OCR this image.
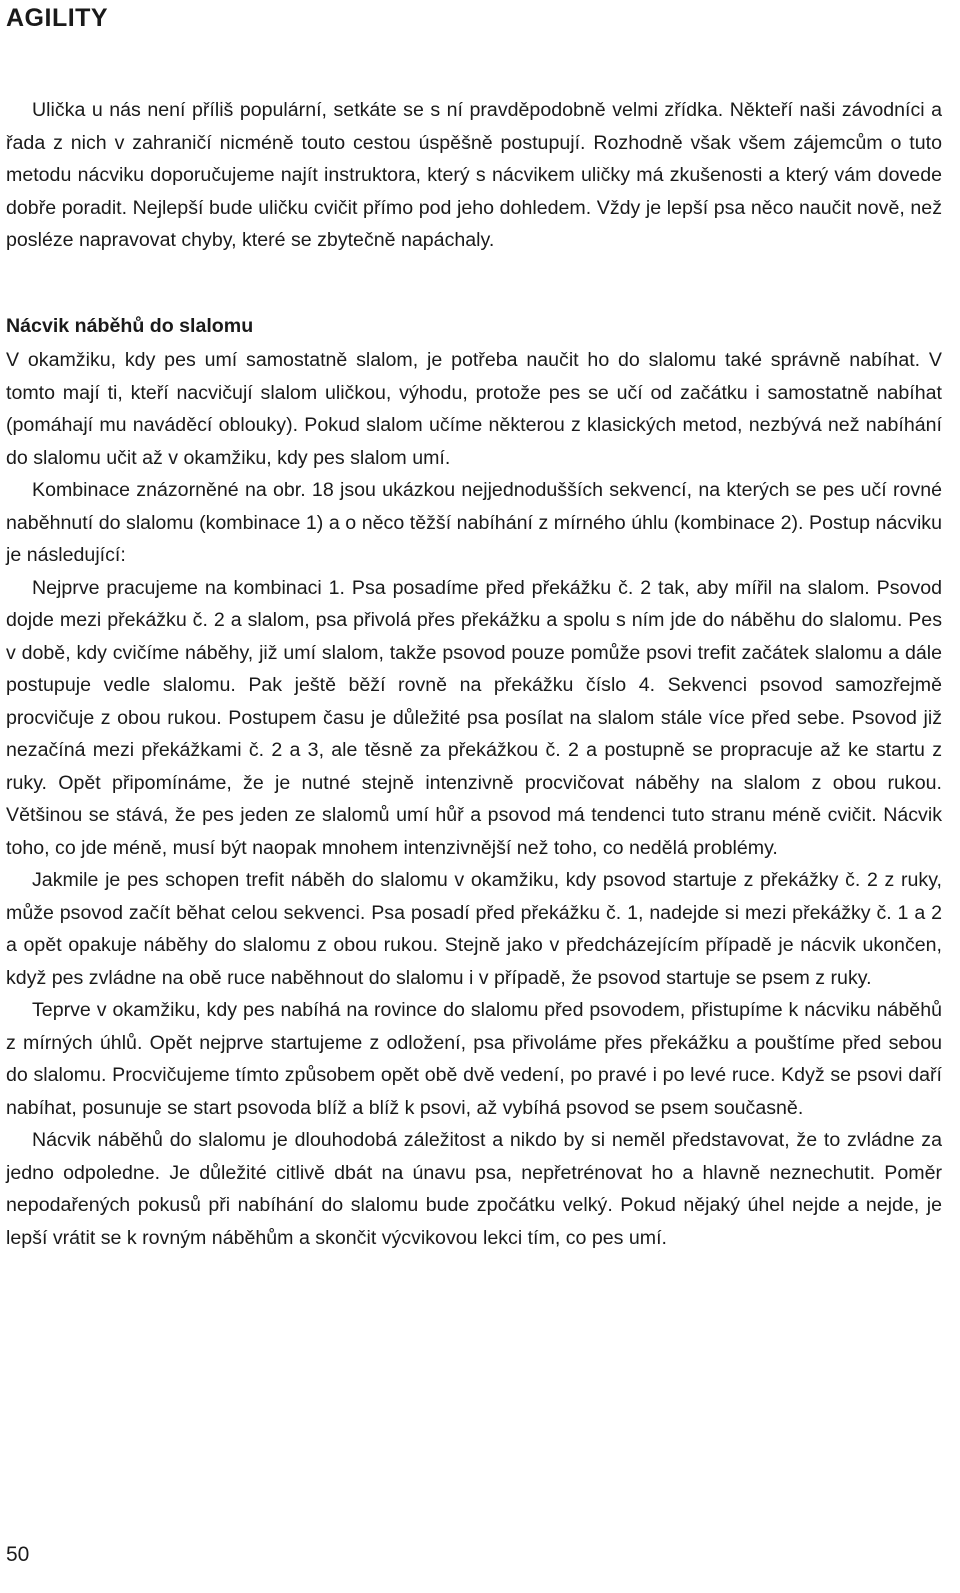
AGILITY

Ulička u nás není příliš populární, setkáte se s ní pravděpodobně velmi zřídka. Někteří naši závodníci a řada z nich v zahraničí nicméně touto cestou úspěšně postupují. Rozhodně však všem zájemcům o tuto metodu nácviku doporučujeme najít instruktora, který s nácvikem uličky má zkušenosti a který vám dovede dobře poradit. Nejlepší bude uličku cvičit přímo pod jeho dohledem. Vždy je lepší psa něco naučit nově, než posléze napravovat chyby, které se zbytečně napáchaly.

Nácvik náběhů do slalomu

V okamžiku, kdy pes umí samostatně slalom, je potřeba naučit ho do slalomu také správně nabíhat. V tomto mají ti, kteří nacvičují slalom uličkou, výhodu, protože pes se učí od začátku i samostatně nabíhat (pomáhají mu naváděcí oblouky). Pokud slalom učíme některou z klasických metod, nezbývá než nabíhání do slalomu učit až v okamžiku, kdy pes slalom umí.

Kombinace znázorněné na obr. 18 jsou ukázkou nejjednodušších sekvencí, na kterých se pes učí rovné naběhnutí do slalomu (kombinace 1) a o něco těžší nabíhání z mírného úhlu (kombinace 2). Postup nácviku je následující:

Nejprve pracujeme na kombinaci 1. Psa posadíme před překážku č. 2 tak, aby mířil na slalom. Psovod dojde mezi překážku č. 2 a slalom, psa přivolá přes překážku a spolu s ním jde do náběhu do slalomu. Pes v době, kdy cvičíme náběhy, již umí slalom, takže psovod pouze pomůže psovi trefit začátek slalomu a dále postupuje vedle slalomu. Pak ještě běží rovně na překážku číslo 4. Sekvenci psovod samozřejmě procvičuje z obou rukou. Postupem času je důležité psa posílat na slalom stále více před sebe. Psovod již nezačíná mezi překážkami č. 2 a 3, ale těsně za překážkou č. 2 a postupně se propracuje až ke startu z ruky. Opět připomínáme, že je nutné stejně intenzivně procvičovat náběhy na slalom z obou rukou. Většinou se stává, že pes jeden ze slalomů umí hůř a psovod má tendenci tuto stranu méně cvičit. Nácvik toho, co jde méně, musí být naopak mnohem intenzivnější než toho, co nedělá problémy.

Jakmile je pes schopen trefit náběh do slalomu v okamžiku, kdy psovod startuje z překážky č. 2 z ruky, může psovod začít běhat celou sekvenci. Psa posadí před překážku č. 1, nadejde si mezi překážky č. 1 a 2 a opět opakuje náběhy do slalomu z obou rukou. Stejně jako v předcházejícím případě je nácvik ukončen, když pes zvládne na obě ruce naběhnout do slalomu i v případě, že psovod startuje se psem z ruky.

Teprve v okamžiku, kdy pes nabíhá na rovince do slalomu před psovodem, přistupíme k nácviku náběhů z mírných úhlů. Opět nejprve startujeme z odložení, psa přivoláme přes překážku a pouštíme před sebou do slalomu. Procvičujeme tímto způsobem opět obě dvě vedení, po pravé i po levé ruce. Když se psovi daří nabíhat, posunuje se start psovoda blíž a blíž k psovi, až vybíhá psovod se psem současně.

Nácvik náběhů do slalomu je dlouhodobá záležitost a nikdo by si neměl představovat, že to zvládne za jedno odpoledne. Je důležité citlivě dbát na únavu psa, nepřetrénovat ho a hlavně neznechutit. Poměr nepodařených pokusů při nabíhání do slalomu bude zpočátku velký. Pokud nějaký úhel nejde a nejde, je lepší vrátit se k rovným náběhům a skončit výcvikovou lekci tím, co pes umí.

50
